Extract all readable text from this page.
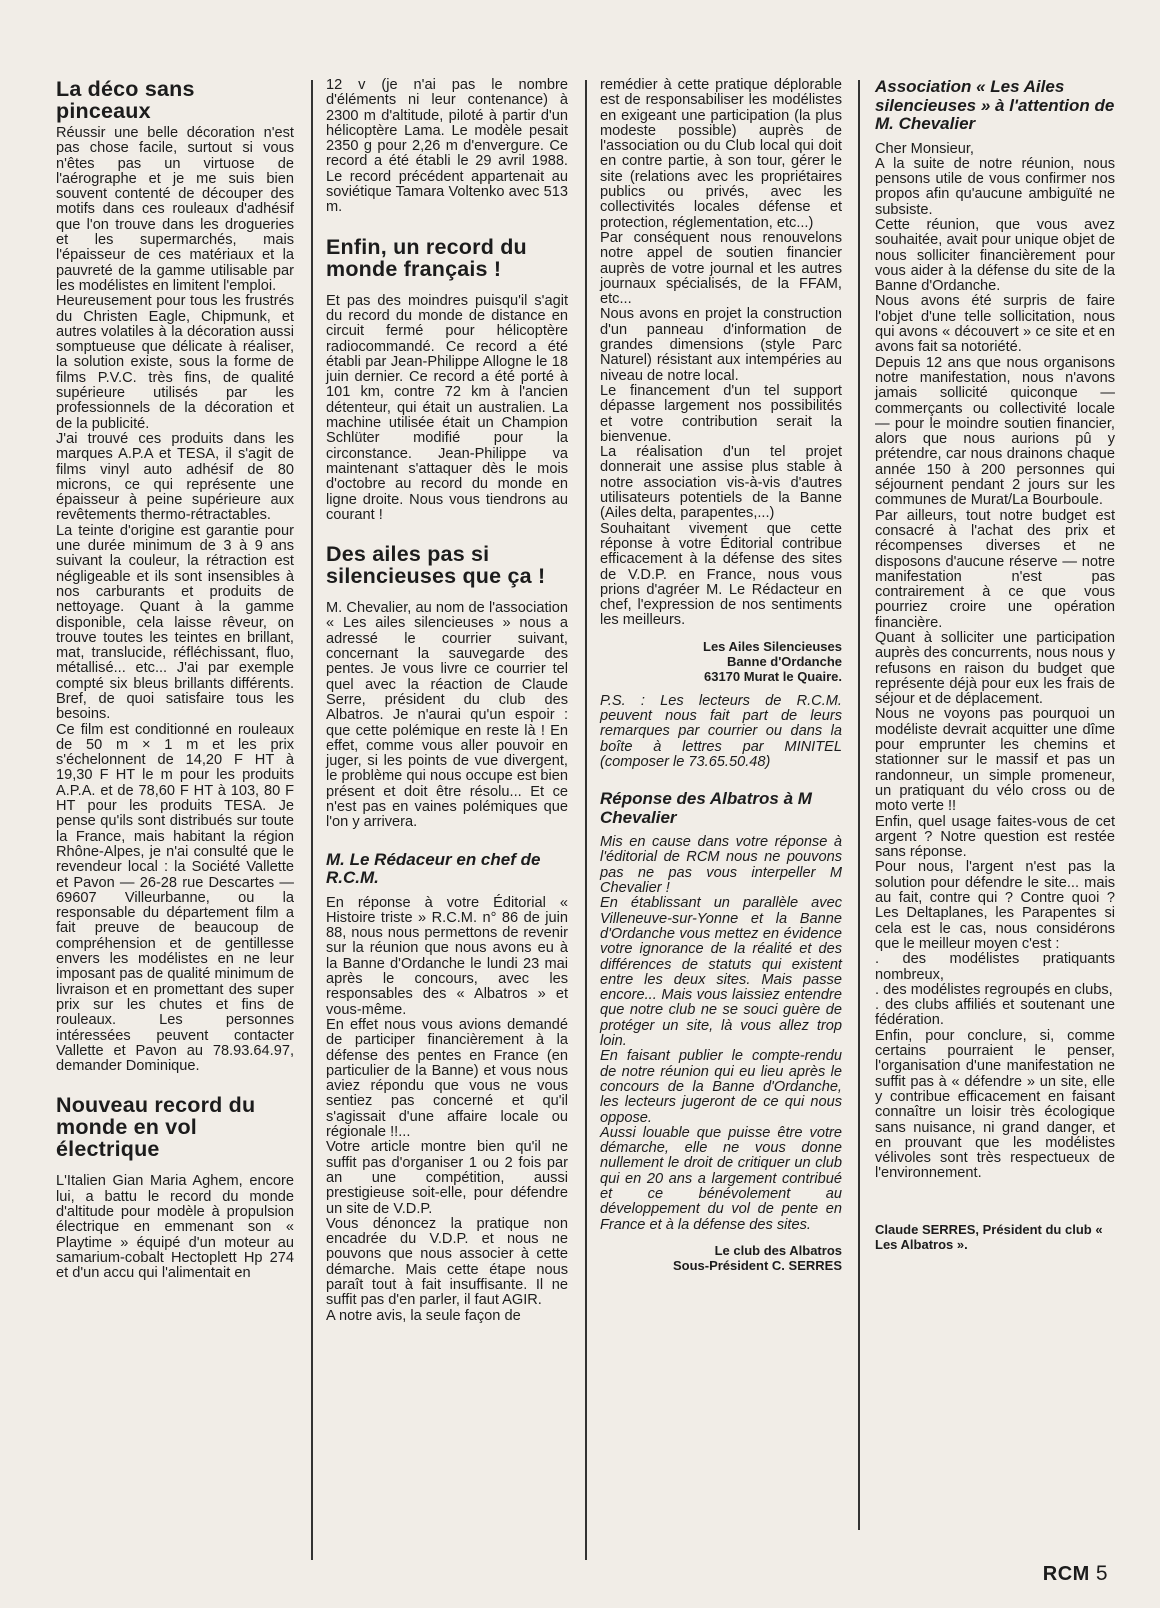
La déco sans pinceaux

Réussir une belle décoration n'est pas chose facile, surtout si vous n'êtes pas un virtuose de l'aérographe et je me suis bien souvent contenté de découper des motifs dans ces rouleaux d'adhésif que l'on trouve dans les drogueries et les supermarchés, mais l'épaisseur de ces matériaux et la pauvreté de la gamme utilisable par les modélistes en limitent l'emploi.

Heureusement pour tous les frustrés du Christen Eagle, Chipmunk, et autres volatiles à la décoration aussi somptueuse que délicate à réaliser, la solution existe, sous la forme de films P.V.C. très fins, de qualité supérieure utilisés par les professionnels de la décoration et de la publicité.

J'ai trouvé ces produits dans les marques A.P.A et TESA, il s'agit de films vinyl auto adhésif de 80 microns, ce qui représente une épaisseur à peine supérieure aux revêtements thermo-rétractables.

La teinte d'origine est garantie pour une durée minimum de 3 à 9 ans suivant la couleur, la rétraction est négligeable et ils sont insensibles à nos carburants et produits de nettoyage. Quant à la gamme disponible, cela laisse rêveur, on trouve toutes les teintes en brillant, mat, translucide, réfléchissant, fluo, métallisé... etc... J'ai par exemple compté six bleus brillants différents. Bref, de quoi satisfaire tous les besoins.

Ce film est conditionné en rouleaux de 50 m × 1 m et les prix s'échelonnent de 14,20 F HT à 19,30 F HT le m pour les produits A.P.A. et de 78,60 F HT à 103, 80 F HT pour les produits TESA. Je pense qu'ils sont distribués sur toute la France, mais habitant la région Rhône-Alpes, je n'ai consulté que le revendeur local : la Société Vallette et Pavon — 26-28 rue Descartes — 69607 Villeurbanne, ou la responsable du département film a fait preuve de beaucoup de compréhension et de gentillesse envers les modélistes en ne leur imposant pas de qualité minimum de livraison et en promettant des super prix sur les chutes et fins de rouleaux. Les personnes intéressées peuvent contacter Vallette et Pavon au 78.93.64.97, demander Dominique.

Nouveau record du monde en vol électrique

L'Italien Gian Maria Aghem, encore lui, a battu le record du monde d'altitude pour modèle à propulsion électrique en emmenant son « Playtime » équipé d'un moteur au samarium-cobalt Hectoplett Hp 274 et d'un accu qui l'alimentait en

12 v (je n'ai pas le nombre d'éléments ni leur contenance) à 2300 m d'altitude, piloté à partir d'un hélicoptère Lama. Le modèle pesait 2350 g pour 2,26 m d'envergure. Ce record a été établi le 29 avril 1988. Le record précédent appartenait au soviétique Tamara Voltenko avec 513 m.

Enfin, un record du monde français !

Et pas des moindres puisqu'il s'agit du record du monde de distance en circuit fermé pour hélicoptère radiocommandé. Ce record a été établi par Jean-Philippe Allogne le 18 juin dernier. Ce record a été porté à 101 km, contre 72 km à l'ancien détenteur, qui était un australien. La machine utilisée était un Champion Schlüter modifié pour la circonstance. Jean-Philippe va maintenant s'attaquer dès le mois d'octobre au record du monde en ligne droite. Nous vous tiendrons au courant !

Des ailes pas si silencieuses que ça !

M. Chevalier, au nom de l'association « Les ailes silencieuses » nous a adressé le courrier suivant, concernant la sauvegarde des pentes. Je vous livre ce courrier tel quel avec la réaction de Claude Serre, président du club des Albatros. Je n'aurai qu'un espoir : que cette polémique en reste là ! En effet, comme vous aller pouvoir en juger, si les points de vue divergent, le problème qui nous occupe est bien présent et doit être résolu... Et ce n'est pas en vaines polémiques que l'on y arrivera.

M. Le Rédaceur en chef de R.C.M.

En réponse à votre Éditorial « Histoire triste » R.C.M. n° 86 de juin 88, nous nous permettons de revenir sur la réunion que nous avons eu à la Banne d'Ordanche le lundi 23 mai après le concours, avec les responsables des « Albatros » et vous-même.

En effet nous vous avions demandé de participer financièrement à la défense des pentes en France (en particulier de la Banne) et vous nous aviez répondu que vous ne vous sentiez pas concerné et qu'il s'agissait d'une affaire locale ou régionale !!...

Votre article montre bien qu'il ne suffit pas d'organiser 1 ou 2 fois par an une compétition, aussi prestigieuse soit-elle, pour défendre un site de V.D.P.

Vous dénoncez la pratique non encadrée du V.D.P. et nous ne pouvons que nous associer à cette démarche. Mais cette étape nous paraît tout à fait insuffisante. Il ne suffit pas d'en parler, il faut AGIR.

A notre avis, la seule façon de

remédier à cette pratique déplorable est de responsabiliser les modélistes en exigeant une participation (la plus modeste possible) auprès de l'association ou du Club local qui doit en contre partie, à son tour, gérer le site (relations avec les propriétaires publics ou privés, avec les collectivités locales défense et protection, réglementation, etc...)

Par conséquent nous renouvelons notre appel de soutien financier auprès de votre journal et les autres journaux spécialisés, de la FFAM, etc...

Nous avons en projet la construction d'un panneau d'information de grandes dimensions (style Parc Naturel) résistant aux intempéries au niveau de notre local.

Le financement d'un tel support dépasse largement nos possibilités et votre contribution serait la bienvenue.

La réalisation d'un tel projet donnerait une assise plus stable à notre association vis-à-vis d'autres utilisateurs potentiels de la Banne (Ailes delta, parapentes,...)

Souhaitant vivement que cette réponse à votre Éditorial contribue efficacement à la défense des sites de V.D.P. en France, nous vous prions d'agréer M. Le Rédacteur en chef, l'expression de nos sentiments les meilleurs.

Les Ailes Silencieuses
Banne d'Ordanche
63170 Murat le Quaire.

P.S. : Les lecteurs de R.C.M. peuvent nous fait part de leurs remarques par courrier ou dans la boîte à lettres par MINITEL (composer le 73.65.50.48)

Réponse des Albatros à M Chevalier

Mis en cause dans votre réponse à l'éditorial de RCM nous ne pouvons pas ne pas vous interpeller M Chevalier !

En établissant un parallèle avec Villeneuve-sur-Yonne et la Banne d'Ordanche vous mettez en évidence votre ignorance de la réalité et des différences de statuts qui existent entre les deux sites. Mais passe encore... Mais vous laissiez entendre que notre club ne se souci guère de protéger un site, là vous allez trop loin.

En faisant publier le compte-rendu de notre réunion qui eu lieu après le concours de la Banne d'Ordanche, les lecteurs jugeront de ce qui nous oppose.

Aussi louable que puisse être votre démarche, elle ne vous donne nullement le droit de critiquer un club qui en 20 ans a largement contribué et ce bénévolement au développement du vol de pente en France et à la défense des sites.

Le club des Albatros
Sous-Président C. SERRES
Association « Les Ailes silencieuses » à l'attention de M. Chevalier

Cher Monsieur,

A la suite de notre réunion, nous pensons utile de vous confirmer nos propos afin qu'aucune ambiguïté ne subsiste.

Cette réunion, que vous avez souhaitée, avait pour unique objet de nous solliciter financièrement pour vous aider à la défense du site de la Banne d'Ordanche.

Nous avons été surpris de faire l'objet d'une telle sollicitation, nous qui avons « découvert » ce site et en avons fait sa notoriété.

Depuis 12 ans que nous organisons notre manifestation, nous n'avons jamais sollicité quiconque — commerçants ou collectivité locale — pour le moindre soutien financier, alors que nous aurions pû y prétendre, car nous drainons chaque année 150 à 200 personnes qui séjournent pendant 2 jours sur les communes de Murat/La Bourboule.

Par ailleurs, tout notre budget est consacré à l'achat des prix et récompenses diverses et ne disposons d'aucune réserve — notre manifestation n'est pas contrairement à ce que vous pourriez croire une opération financière.

Quant à solliciter une participation auprès des concurrents, nous nous y refusons en raison du budget que représente déjà pour eux les frais de séjour et de déplacement.

Nous ne voyons pas pourquoi un modéliste devrait acquitter une dîme pour emprunter les chemins et stationner sur le massif et pas un randonneur, un simple promeneur, un pratiquant du vélo cross ou de moto verte !!

Enfin, quel usage faites-vous de cet argent ? Notre question est restée sans réponse.

Pour nous, l'argent n'est pas la solution pour défendre le site... mais au fait, contre qui ? Contre quoi ? Les Deltaplanes, les Parapentes si cela est le cas, nous considérons que le meilleur moyen c'est :

. des modélistes pratiquants nombreux,

. des modélistes regroupés en clubs,

. des clubs affiliés et soutenant une fédération.

Enfin, pour conclure, si, comme certains pourraient le penser, l'organisation d'une manifestation ne suffit pas à « défendre » un site, elle y contribue efficacement en faisant connaître un loisir très écologique sans nuisance, ni grand danger, et en prouvant que les modélistes vélivoles sont très respectueux de l'environnement.

Claude SERRES, Président du club « Les Albatros ».
RCM 5
